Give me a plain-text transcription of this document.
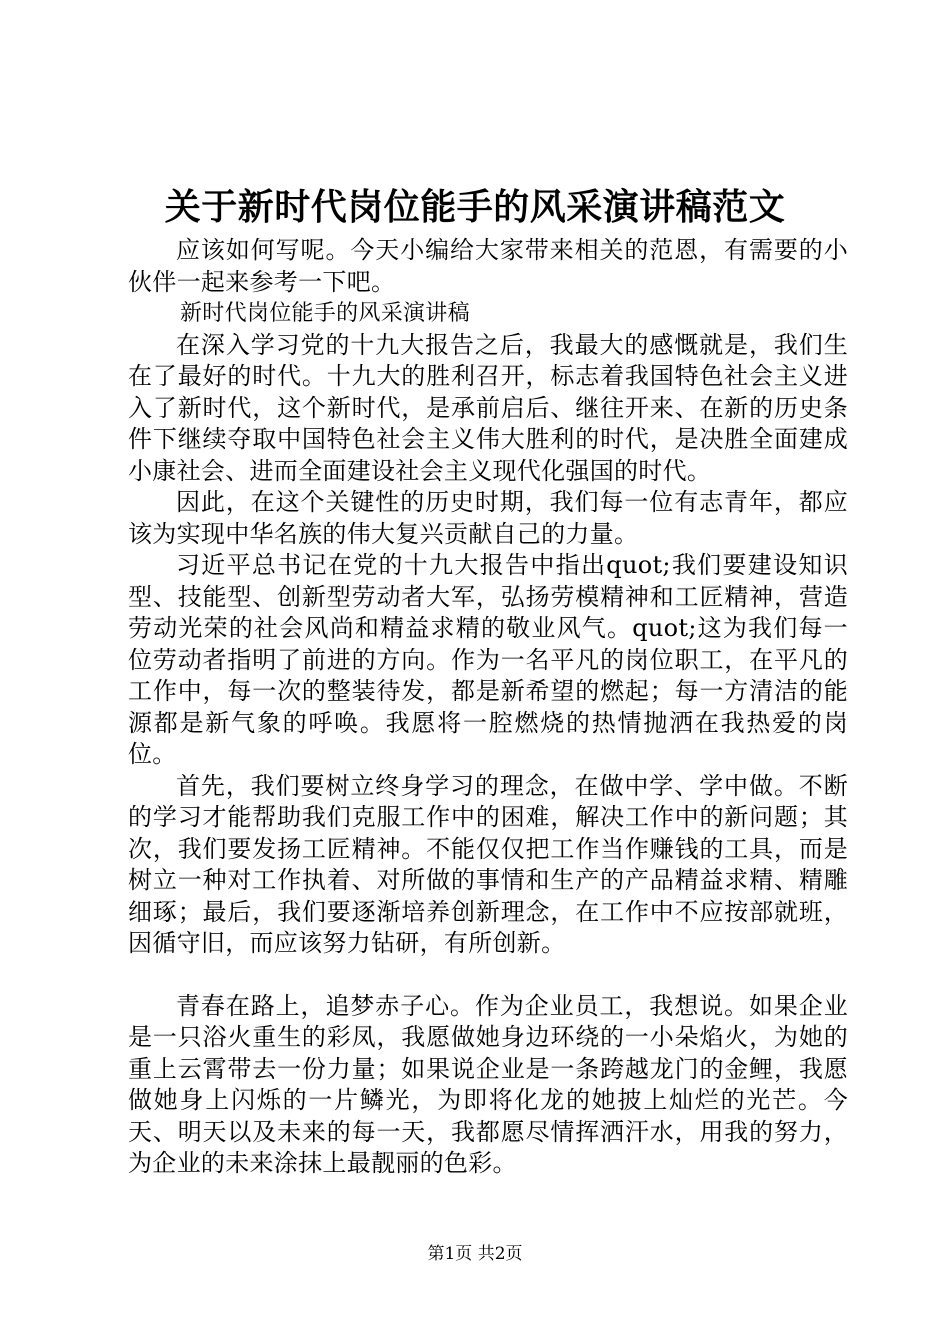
关于新时代岗位能手的风采演讲稿范文

应该如何写呢。今天小编给大家带来相关的范恩，有需要的小伙伴一起来参考一下吧。

新时代岗位能手的风采演讲稿

在深入学习党的十九大报告之后，我最大的感慨就是，我们生在了最好的时代。十九大的胜利召开，标志着我国特色社会主义进入了新时代，这个新时代，是承前启后、继往开来、在新的历史条件下继续夺取中国特色社会主义伟大胜利的时代，是决胜全面建成小康社会、进而全面建设社会主义现代化强国的时代。

因此，在这个关键性的历史时期，我们每一位有志青年，都应该为实现中华名族的伟大复兴贡献自己的力量。

习近平总书记在党的十九大报告中指出quot;我们要建设知识型、技能型、创新型劳动者大军，弘扬劳模精神和工匠精神，营造劳动光荣的社会风尚和精益求精的敬业风气。quot;这为我们每一位劳动者指明了前进的方向。作为一名平凡的岗位职工，在平凡的工作中，每一次的整装待发，都是新希望的燃起；每一方清洁的能源都是新气象的呼唤。我愿将一腔燃烧的热情抛洒在我热爱的岗位。

首先，我们要树立终身学习的理念，在做中学、学中做。不断的学习才能帮助我们克服工作中的困难，解决工作中的新问题；其次，我们要发扬工匠精神。不能仅仅把工作当作赚钱的工具，而是树立一种对工作执着、对所做的事情和生产的产品精益求精、精雕细琢；最后，我们要逐渐培养创新理念，在工作中不应按部就班，因循守旧，而应该努力钻研，有所创新。

青春在路上，追梦赤子心。作为企业员工，我想说。如果企业是一只浴火重生的彩凤，我愿做她身边环绕的一小朵焰火，为她的重上云霄带去一份力量；如果说企业是一条跨越龙门的金鲤，我愿做她身上闪烁的一片鳞光，为即将化龙的她披上灿烂的光芒。今天、明天以及未来的每一天，我都愿尽情挥洒汗水，用我的努力，为企业的未来涂抹上最靓丽的色彩。

第1页 共2页
